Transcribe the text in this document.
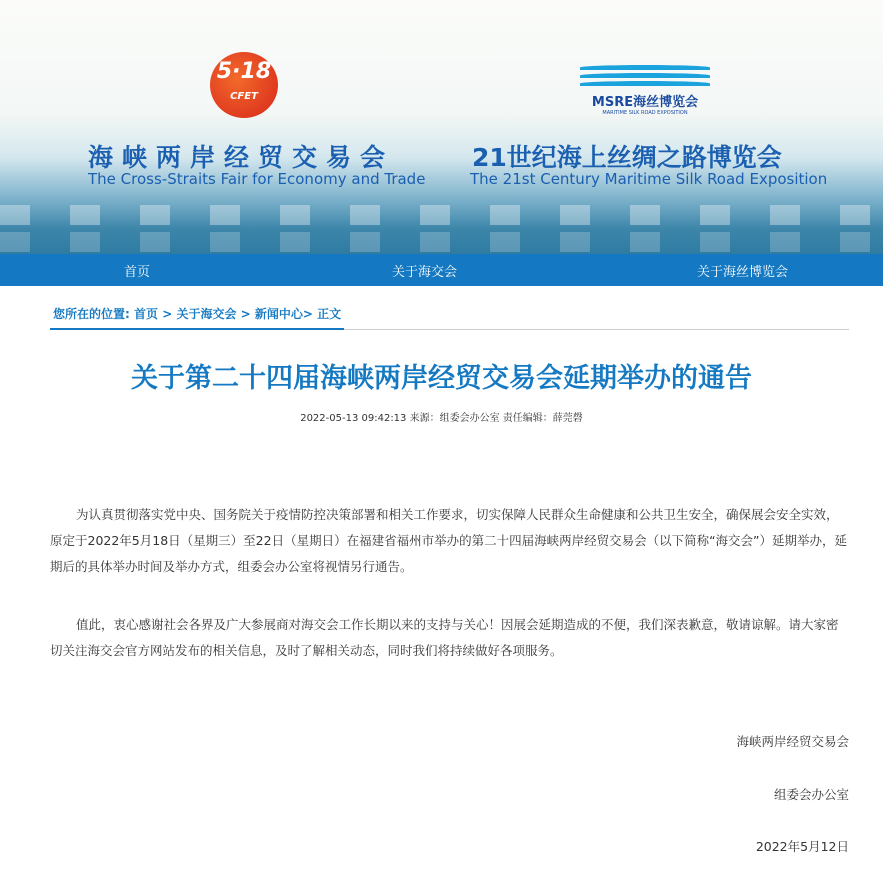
5·18
CFET
海峡两岸经贸交易会
The Cross-Straits Fair for Economy and Trade
MSRE海丝博览会
MARITIME SILK ROAD EXPOSITION
21世纪海上丝绸之路博览会
The 21st Century Maritime Silk Road Exposition
首页	关于海交会	关于海丝博览会
您所在的位置: 首页 > 关于海交会 > 新闻中心> 正文
关于第二十四届海峡两岸经贸交易会延期举办的通告
2022-05-13 09:42:13 来源：组委会办公室 责任编辑：薛莞磬

为认真贯彻落实党中央、国务院关于疫情防控决策部署和相关工作要求，切实保障人民群众生命健康和公共卫生安全，确保展会安全实效，原定于2022年5月18日（星期三）至22日（星期日）在福建省福州市举办的第二十四届海峡两岸经贸交易会（以下简称“海交会”）延期举办，延期后的具体举办时间及举办方式，组委会办公室将视情另行通告。

值此，衷心感谢社会各界及广大参展商对海交会工作长期以来的支持与关心！因展会延期造成的不便，我们深表歉意，敬请谅解。请大家密切关注海交会官方网站发布的相关信息，及时了解相关动态，同时我们将持续做好各项服务。

海峡两岸经贸交易会
组委会办公室
2022年5月12日
